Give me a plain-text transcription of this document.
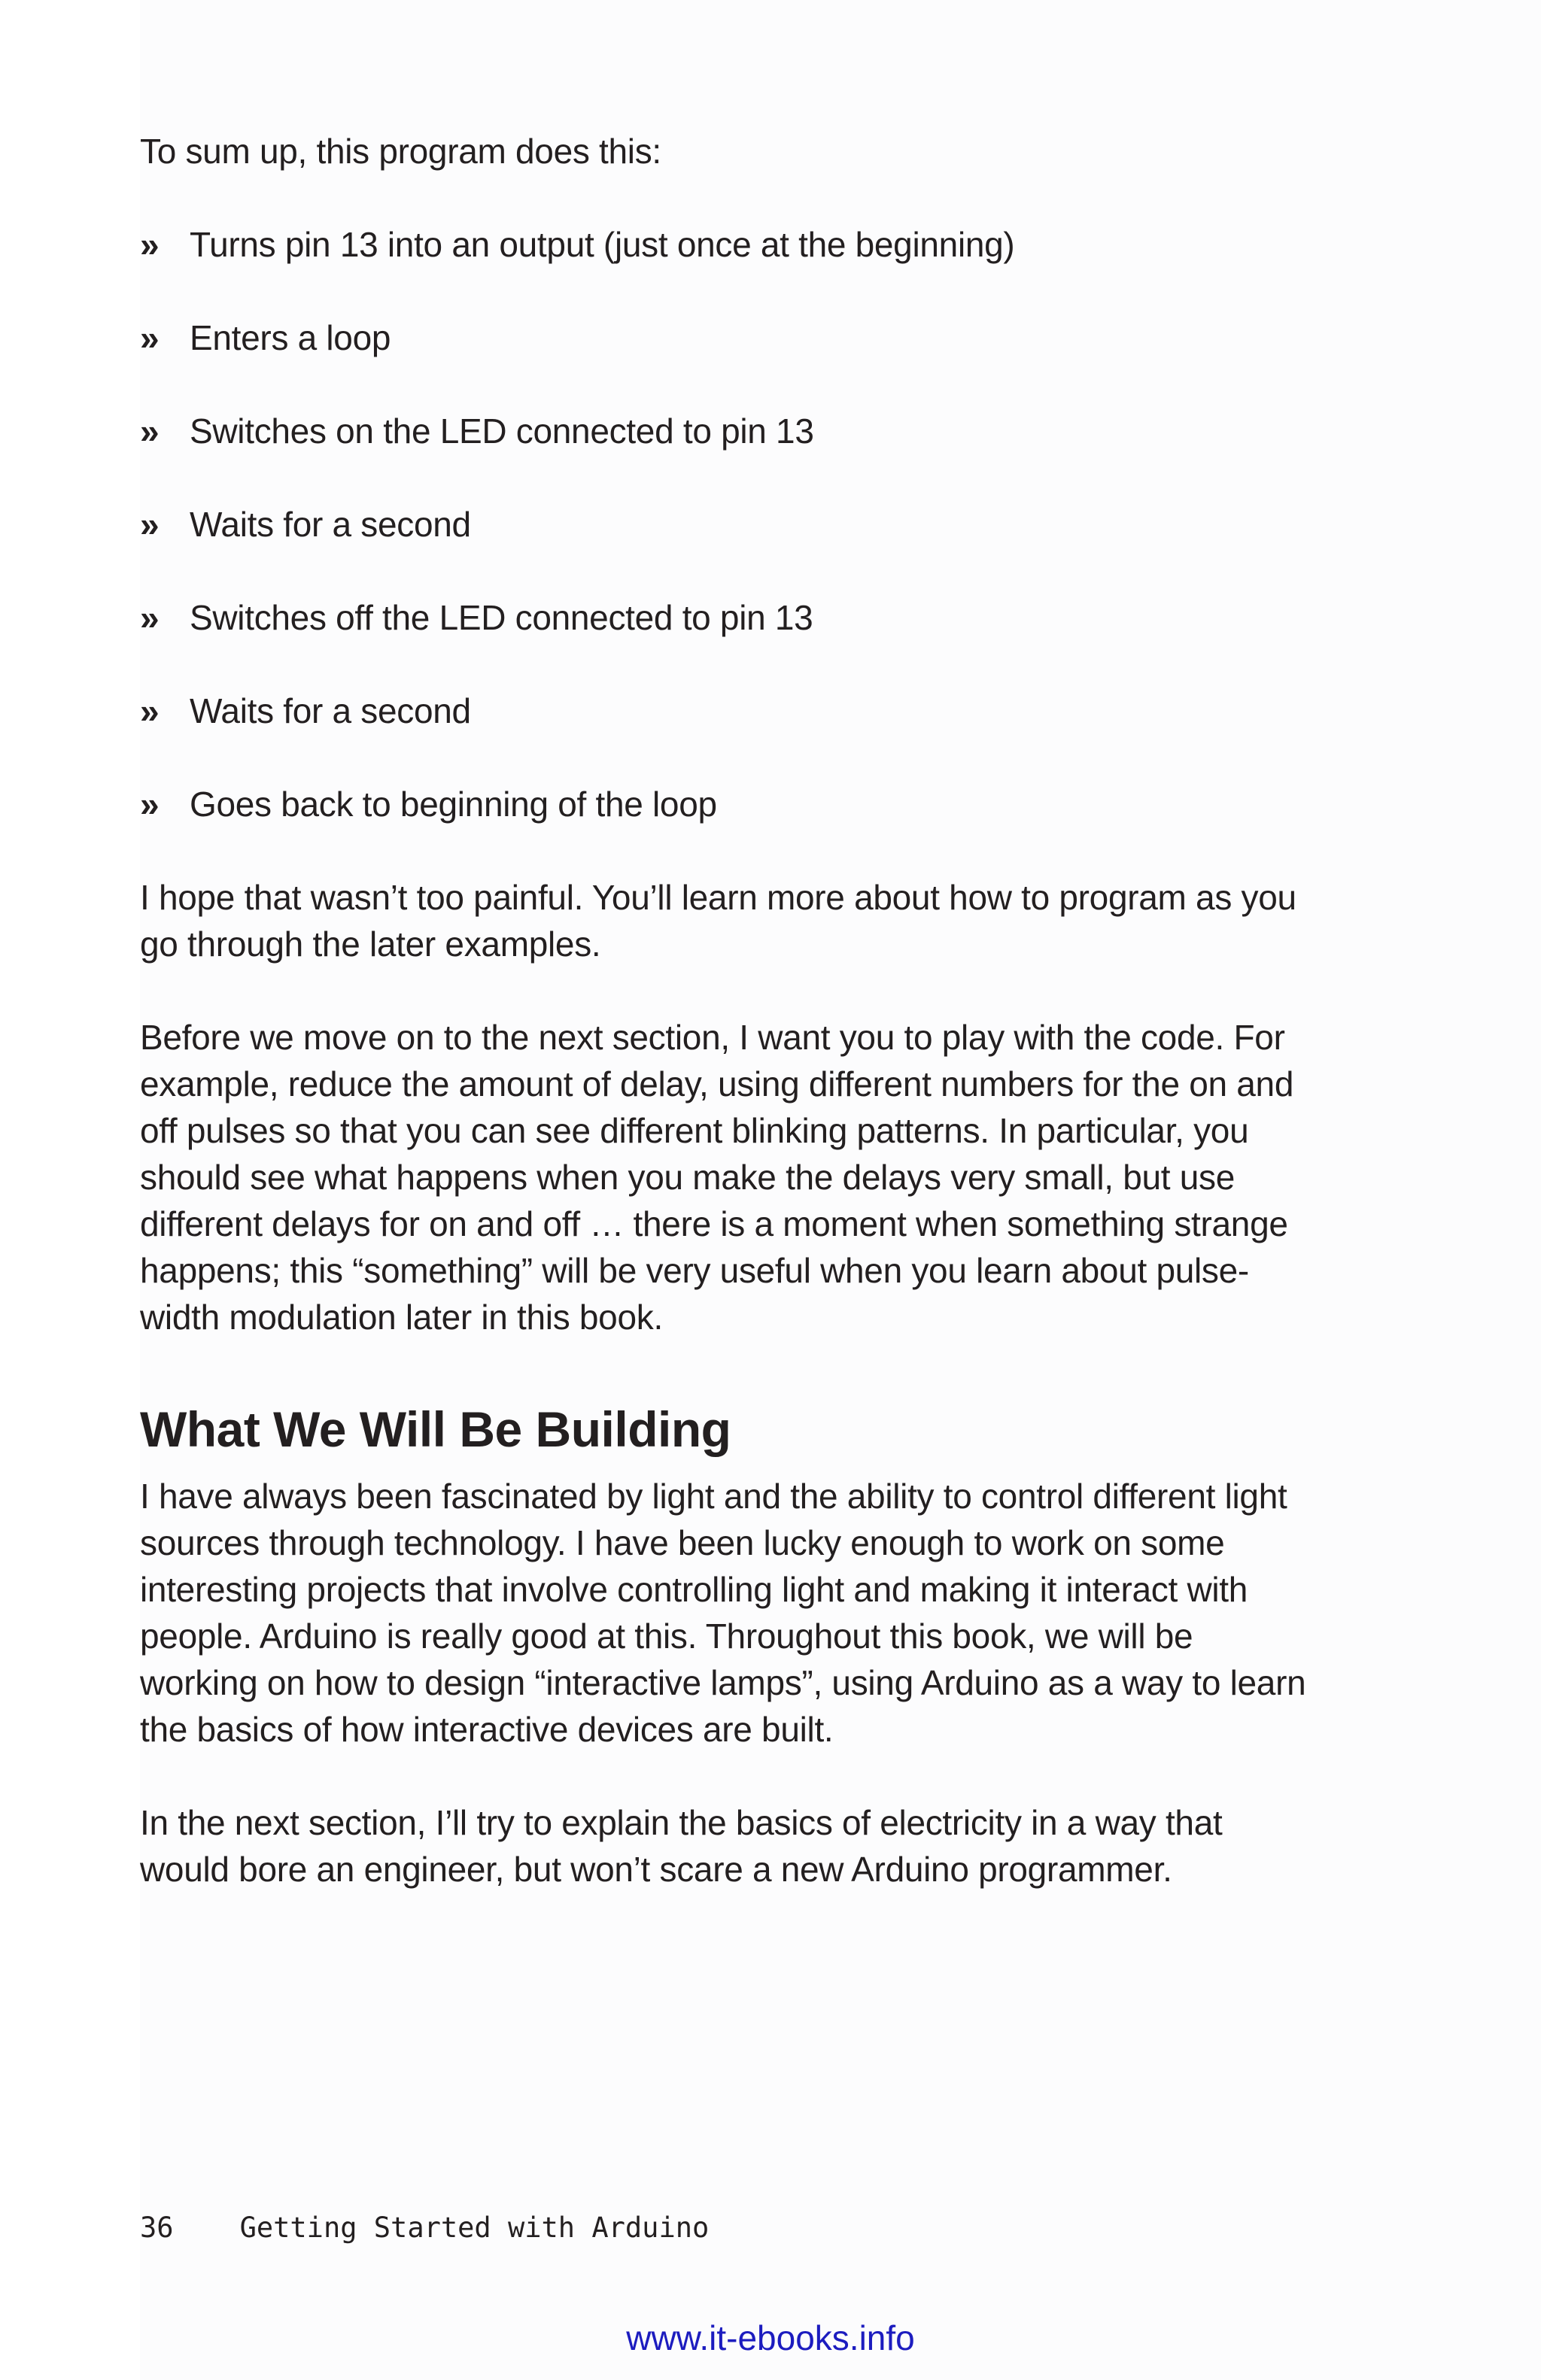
To sum up, this program does this:

»	Turns pin 13 into an output (just once at the beginning)
»	Enters a loop
»	Switches on the LED connected to pin 13
»	Waits for a second
»	Switches off the LED connected to pin 13
»	Waits for a second
»	Goes back to beginning of the loop

I hope that wasn’t too painful. You’ll learn more about how to program as you go through the later examples.

Before we move on to the next section, I want you to play with the code. For example, reduce the amount of delay, using different numbers for the on and off pulses so that you can see different blinking patterns. In particular, you should see what happens when you make the delays very small, but use different delays for on and off … there is a moment when something strange happens; this “something” will be very useful when you learn about pulse-width modulation later in this book.

What We Will Be Building

I have always been fascinated by light and the ability to control different light sources through technology. I have been lucky enough to work on some interesting projects that involve controlling light and making it interact with people. Arduino is really good at this. Throughout this book, we will be working on how to design “interactive lamps”, using Arduino as a way to learn the basics of how interactive devices are built.

In the next section, I’ll try to explain the basics of electricity in a way that would bore an engineer, but won’t scare a new Arduino programmer.

36 Getting Started with Arduino
www.it-ebooks.info
